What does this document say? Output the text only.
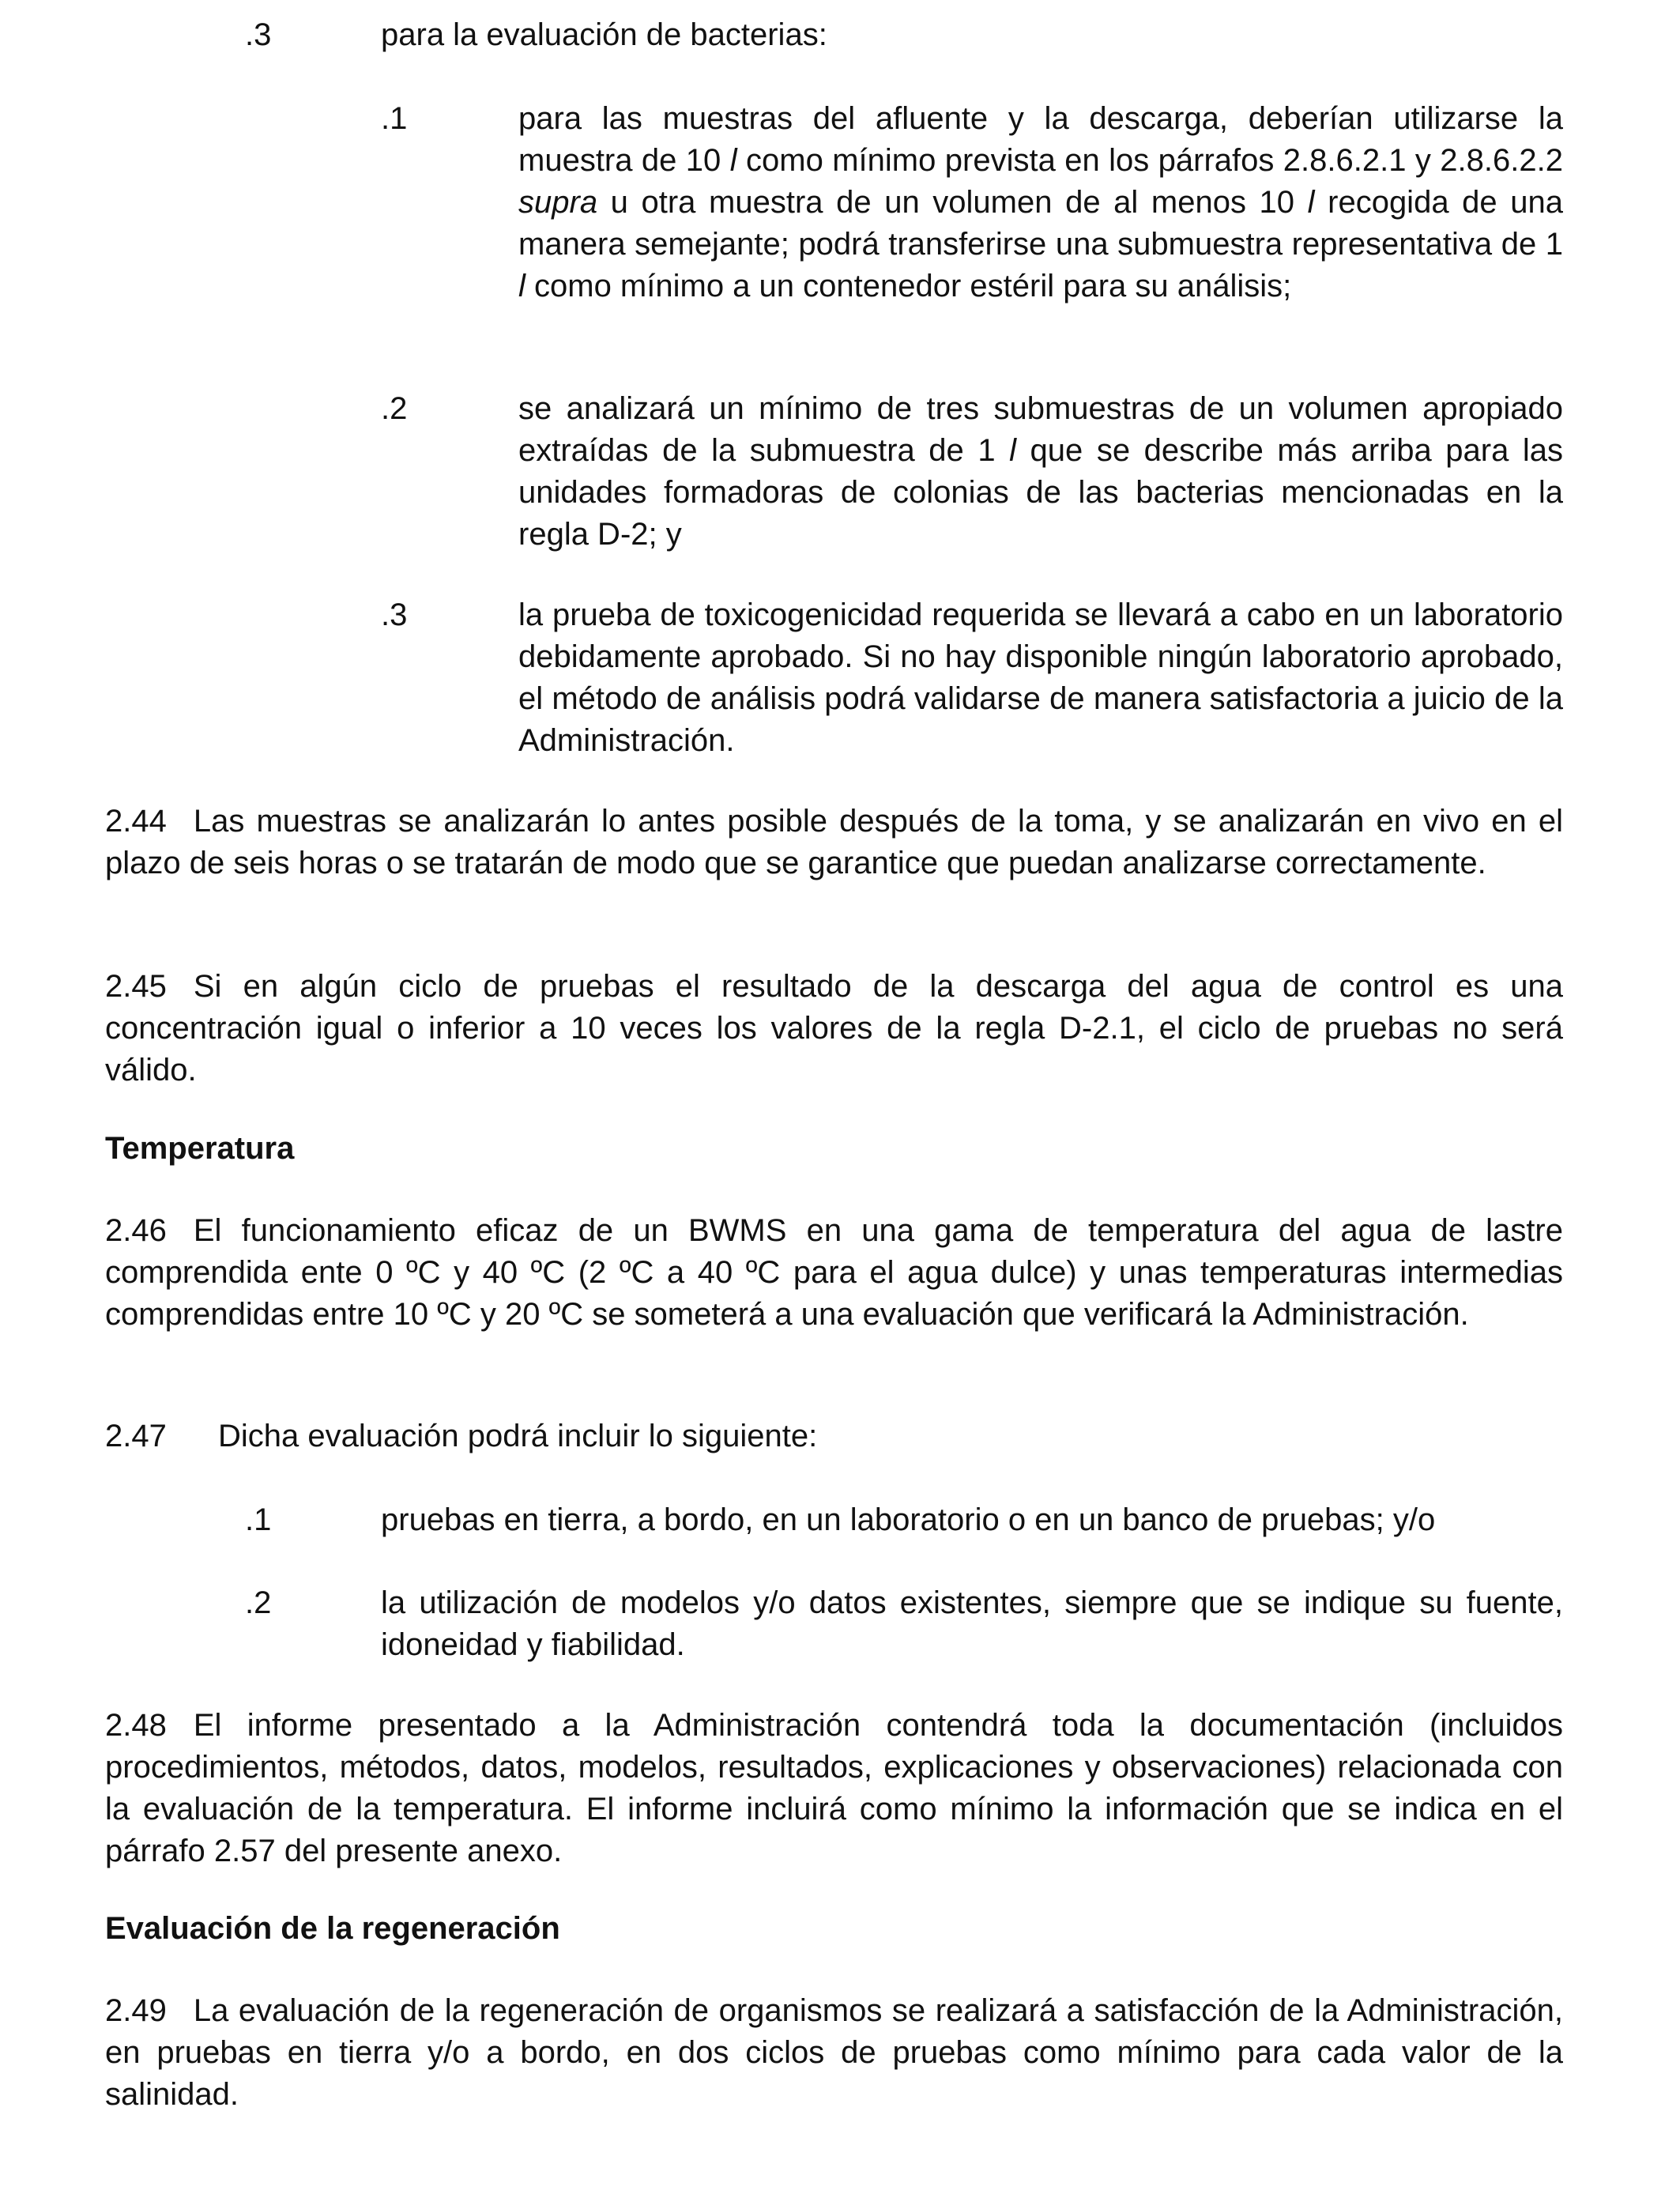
.3	para la evaluación de bacterias:
.1	para las muestras del afluente y la descarga, deberían utilizarse la muestra de 10 l como mínimo prevista en los párrafos 2.8.6.2.1 y 2.8.6.2.2 supra u otra muestra de un volumen de al menos 10 l recogida de una manera semejante; podrá transferirse una submuestra representativa de 1 l como mínimo a un contenedor estéril para su análisis;
.2	se analizará un mínimo de tres submuestras de un volumen apropiado extraídas de la submuestra de 1 l que se describe más arriba para las unidades formadoras de colonias de las bacterias mencionadas en la regla D-2; y
.3	la prueba de toxicogenicidad requerida se llevará a cabo en un laboratorio debidamente aprobado. Si no hay disponible ningún laboratorio aprobado, el método de análisis podrá validarse de manera satisfactoria a juicio de la Administración.
2.44 Las muestras se analizarán lo antes posible después de la toma, y se analizarán en vivo en el plazo de seis horas o se tratarán de modo que se garantice que puedan analizarse correctamente.
2.45 Si en algún ciclo de pruebas el resultado de la descarga del agua de control es una concentración igual o inferior a 10 veces los valores de la regla D-2.1, el ciclo de pruebas no será válido.
Temperatura
2.46 El funcionamiento eficaz de un BWMS en una gama de temperatura del agua de lastre comprendida ente 0 ºC y 40 ºC (2 ºC a 40 ºC para el agua dulce) y unas temperaturas intermedias comprendidas entre 10 ºC y 20 ºC se someterá a una evaluación que verificará la Administración.
2.47 Dicha evaluación podrá incluir lo siguiente:
.1	pruebas en tierra, a bordo, en un laboratorio o en un banco de pruebas; y/o
.2	la utilización de modelos y/o datos existentes, siempre que se indique su fuente, idoneidad y fiabilidad.
2.48 El informe presentado a la Administración contendrá toda la documentación (incluidos procedimientos, métodos, datos, modelos, resultados, explicaciones y observaciones) relacionada con la evaluación de la temperatura. El informe incluirá como mínimo la información que se indica en el párrafo 2.57 del presente anexo.
Evaluación de la regeneración
2.49 La evaluación de la regeneración de organismos se realizará a satisfacción de la Administración, en pruebas en tierra y/o a bordo, en dos ciclos de pruebas como mínimo para cada valor de la salinidad.
